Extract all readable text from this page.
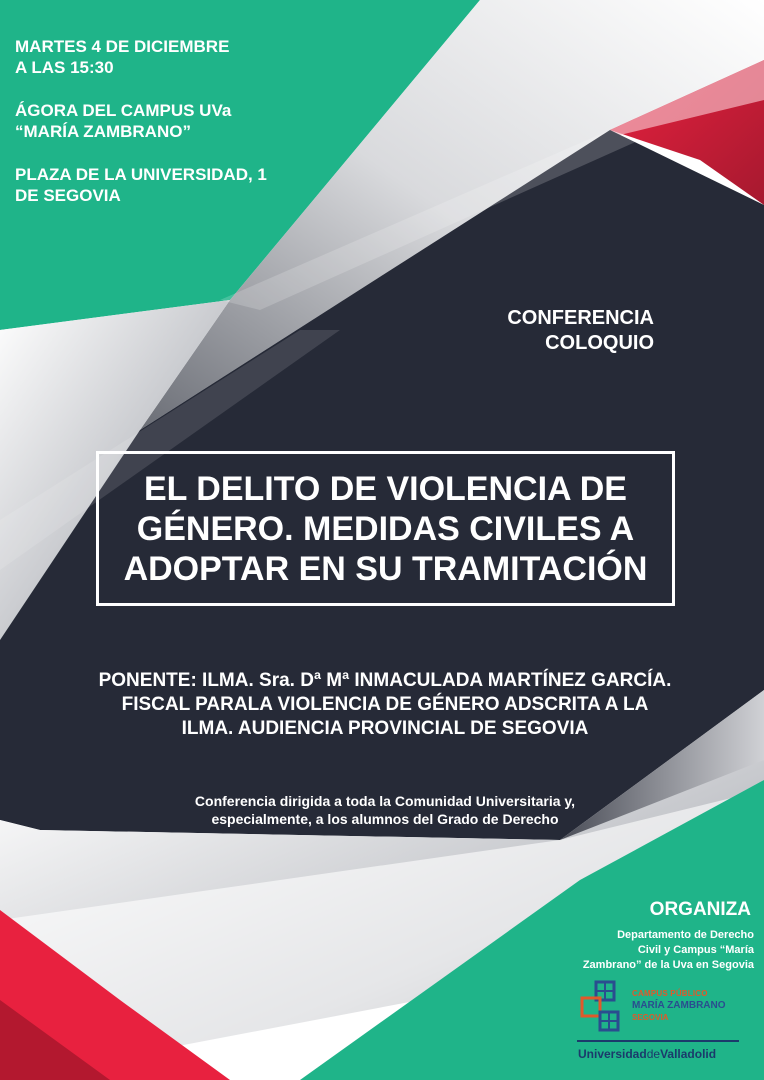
MARTES 4 DE DICIEMBRE
A LAS 15:30

ÁGORA DEL CAMPUS UVa
“MARÍA ZAMBRANO”

PLAZA DE LA UNIVERSIDAD, 1
DE SEGOVIA

CONFERENCIA
COLOQUIO

EL DELITO DE VIOLENCIA DE
GÉNERO. MEDIDAS CIVILES A
ADOPTAR EN SU TRAMITACIÓN

PONENTE: ILMA. Sra. Dª Mª INMACULADA MARTÍNEZ GARCÍA.
FISCAL PARALA VIOLENCIA DE GÉNERO ADSCRITA A LA
ILMA. AUDIENCIA PROVINCIAL DE SEGOVIA

Conferencia dirigida a toda la Comunidad Universitaria y,
especialmente, a los alumnos del Grado de Derecho

ORGANIZA

Departamento de Derecho
Civil y Campus “María
Zambrano” de la Uva en Segovia

CAMPUS PÚBLICO

MARÍA ZAMBRANO

SEGOVIA

UniversidaddeValladolid
